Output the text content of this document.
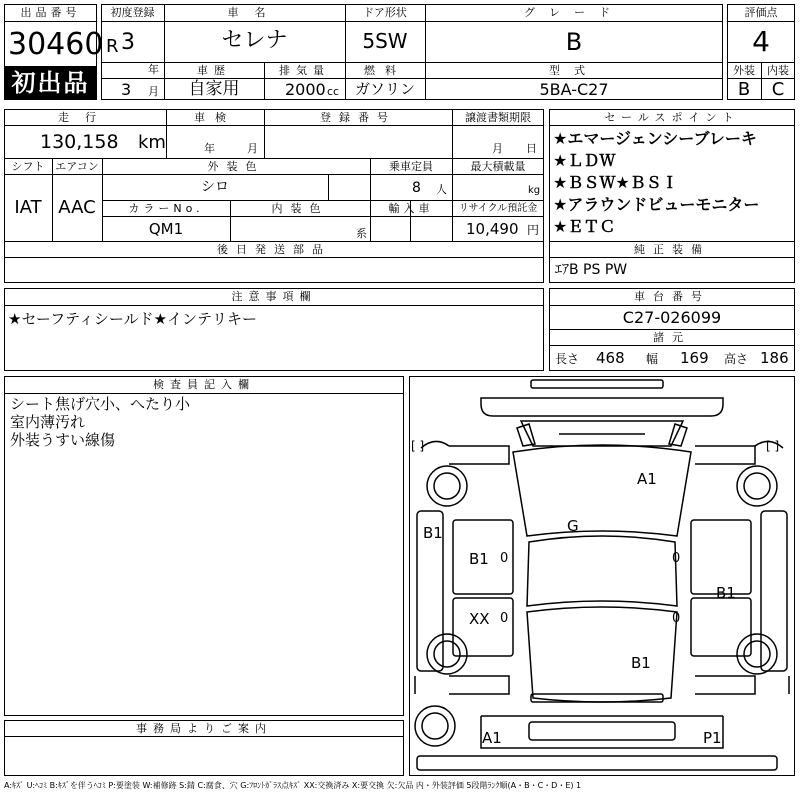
出品番号
30460
初出品
初度登録
R 3
年
3 月
車名
セレナ
ドア形状
5SW
グレード
B
車歴
自家用
排気量
2000 cc
燃料
ガソリン
型式
5BA-C27
評価点
4
外装	内装
B	C
走行
130,158 km
車検
年	月
登録番号	譲渡書類期限
月 日
シフト
IAT
エアコン
AAC
外装色
シロ
乗車定員
8 人
最大積載量
kg
カラーNo.
QM1
内装色
系
輸入車	リサイクル預託金
10,490 円
後日発送部品
セールスポイント
★エマージェンシーブレーキ
★ＬＤＷ
★ＢＳＷ★ＢＳＩ
★アラウンドビューモニター
★ＥＴＣ
純正装備
ｴｱB PS PW
注意事項欄
★セーフティシールド★インテリキー
車台番号
C27-026099
諸元
長さ 468 幅 169 高さ 186
検査員記入欄
シート焦げ穴小、へたり小
室内薄汚れ
外装うすい線傷
事務局よりご案内
[ ]	[ ]
A1
G
B1
B1 0	0
B1
XX 0	0
B1
A1	P1
A:ｷｽﾞ U:ﾍｺﾐ B:ｷｽﾞを伴うﾍｺﾐ P:要塗装 W:補修跡 S:錆 C:腐食、穴 G:ﾌﾛﾝﾄｶﾞﾗｽ点ｷｽﾞ XX:交換済み X:要交換 欠:欠品 内・外装評価 5段階ﾗﾝｸ順(A・B・C・D・E) 1
